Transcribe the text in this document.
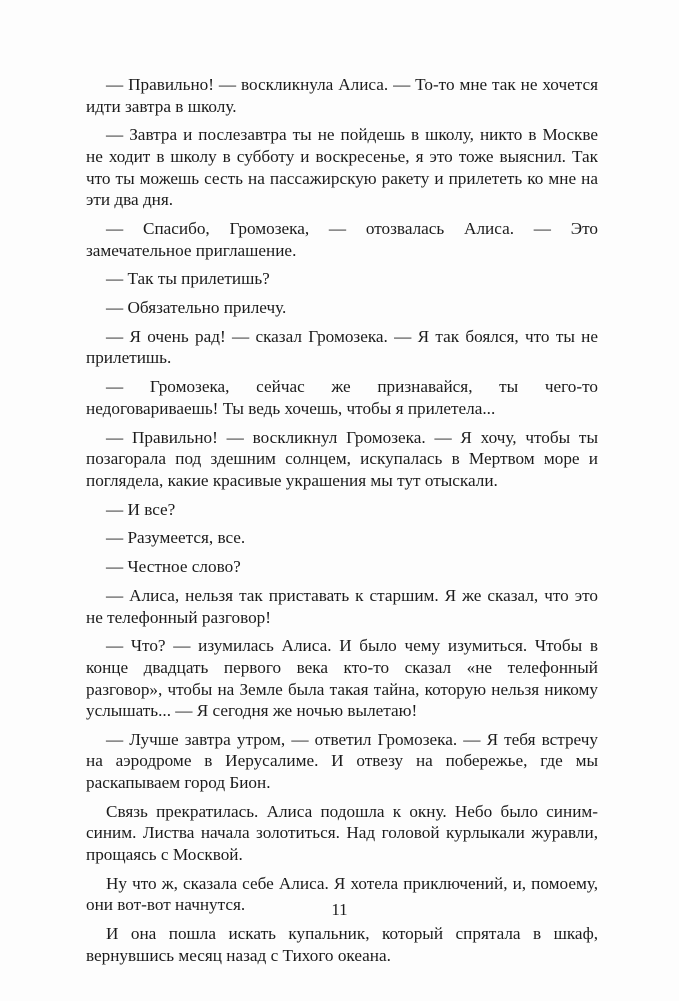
— Правильно! — воскликнула Алиса. — То-то мне так не хочется идти завтра в школу.

— Завтра и послезавтра ты не пойдешь в школу, никто в Москве не ходит в школу в субботу и воскресенье, я это тоже выяснил. Так что ты можешь сесть на пассажирскую ракету и прилететь ко мне на эти два дня.

— Спасибо, Громозека, — отозвалась Алиса. — Это замечательное приглашение.

— Так ты прилетишь?

— Обязательно прилечу.

— Я очень рад! — сказал Громозека. — Я так боялся, что ты не прилетишь.

— Громозека, сейчас же признавайся, ты чего-то недоговариваешь! Ты ведь хочешь, чтобы я прилетела...

— Правильно! — воскликнул Громозека. — Я хочу, чтобы ты позагорала под здешним солнцем, искупалась в Мертвом море и поглядела, какие красивые украшения мы тут отыскали.

— И все?

— Разумеется, все.

— Честное слово?

— Алиса, нельзя так приставать к старшим. Я же сказал, что это не телефонный разговор!

— Что? — изумилась Алиса. И было чему изумиться. Чтобы в конце двадцать первого века кто-то сказал «не телефонный разговор», чтобы на Земле была такая тайна, которую нельзя никому услышать... — Я сегодня же ночью вылетаю!

— Лучше завтра утром, — ответил Громозека. — Я тебя встречу на аэродроме в Иерусалиме. И отвезу на побережье, где мы раскапываем город Бион.

Связь прекратилась. Алиса подошла к окну. Небо было синим-синим. Листва начала золотиться. Над головой курлыкали журавли, прощаясь с Москвой.

Ну что ж, сказала себе Алиса. Я хотела приключений, и, помоему, они вот-вот начнутся.

И она пошла искать купальник, который спрятала в шкаф, вернувшись месяц назад с Тихого океана.

11
